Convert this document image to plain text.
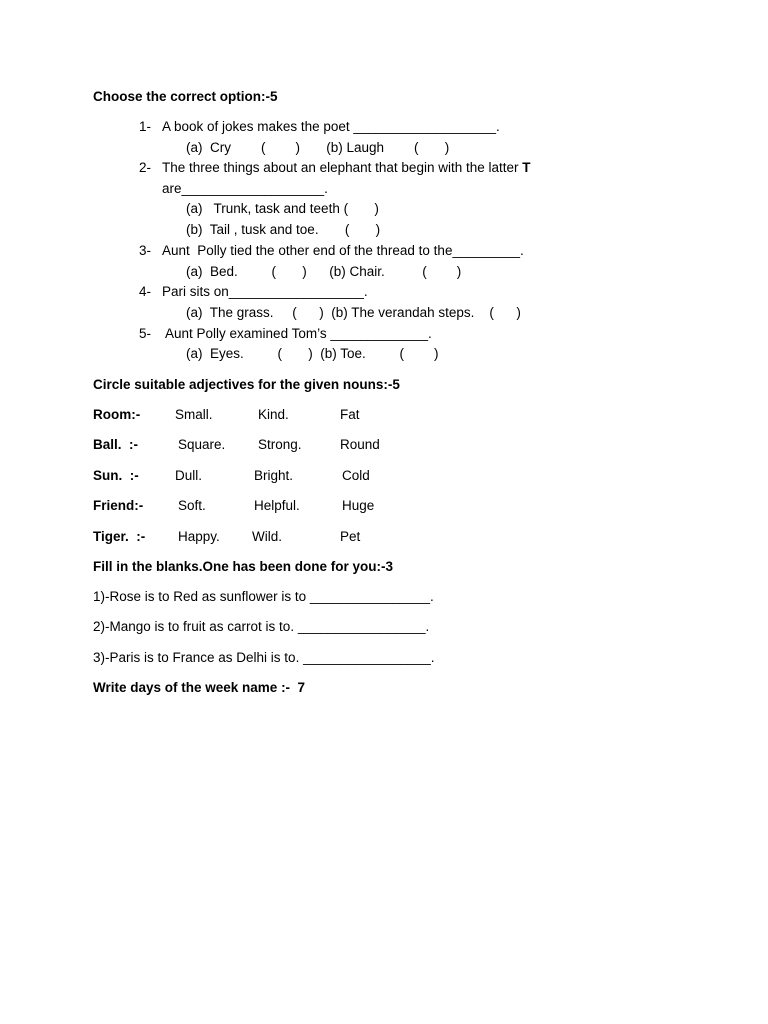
Choose the correct option:-5
1- A book of jokes makes the poet ___________________.
(a)  Cry        (        )       (b) Laugh        (       )
2- The three things about an elephant that begin with the latter T
are___________________.
(a)   Trunk, task and teeth (       )
(b)  Tail , tusk and toe.       (       )
3- Aunt  Polly tied the other end of the thread to the_________.
(a)  Bed.         (       )      (b) Chair.          (        )
4- Pari sits on__________________.
(a)  The grass.     (      )  (b) The verandah steps.    (      )
5- Aunt Polly examined Tom’s _____________.
(a)  Eyes.         (       )  (b) Toe.         (        )
Circle suitable adjectives for the given nouns:-5
Room:-	Small.	Kind.	Fat
Ball.  :-	Square. Strong.	Round
Sun.  :-	Dull.	Bright.	Cold
Friend:-	Soft.	Helpful.	Huge
Tiger.  :- Happy. Wild.	Pet
Fill in the blanks.One has been done for you:-3
1)-Rose is to Red as sunflower is to ________________.
2)-Mango is to fruit as carrot is to. _________________.
3)-Paris is to France as Delhi is to. _________________.
Write days of the week name :-  7
